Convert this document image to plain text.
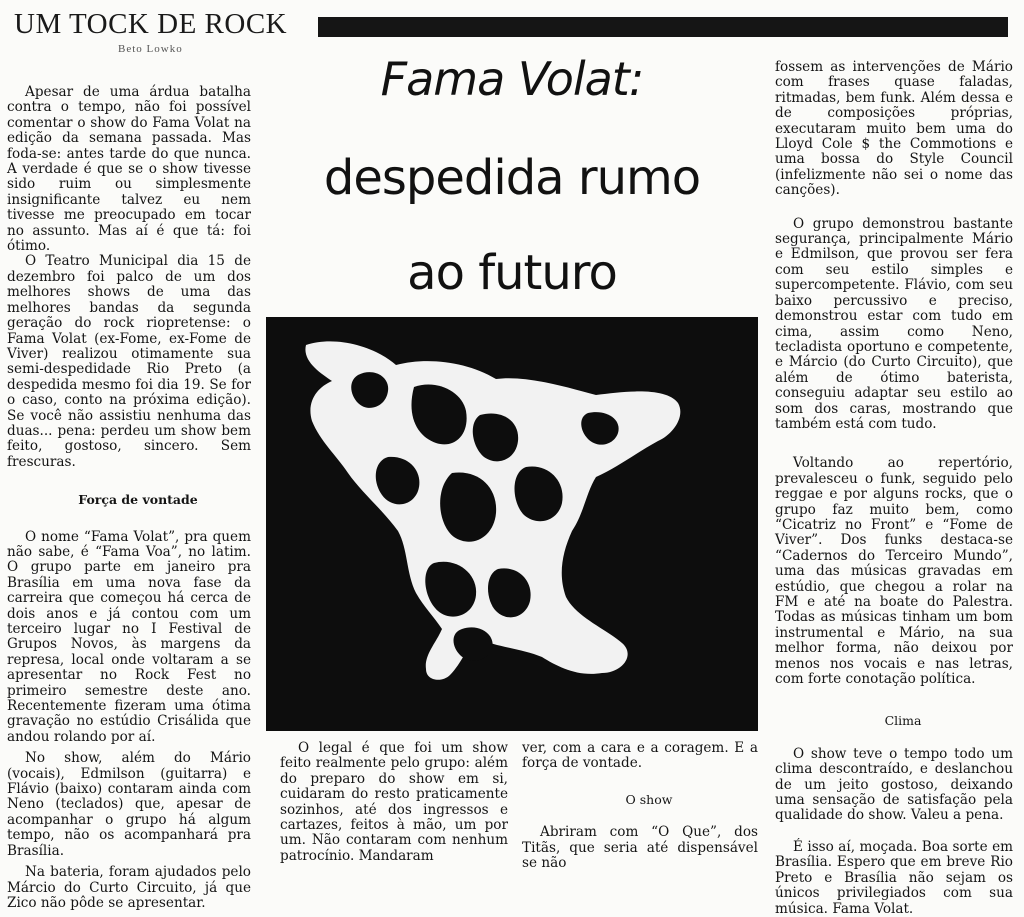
UM TOCK DE ROCK
Beto Lowko
Fama Volat:
despedida rumo
ao futuro

Apesar de uma árdua batalha contra o tempo, não foi possível comentar o show do Fama Volat na edição da semana passada. Mas foda-se: antes tarde do que nunca. A verdade é que se o show tivesse sido ruim ou simplesmente insignificante talvez eu nem tivesse me preocupado em tocar no assunto. Mas aí é que tá: foi ótimo.

O Teatro Municipal dia 15 de dezembro foi palco de um dos melhores shows de uma das melhores bandas da segunda geração do rock riopretense: o Fama Volat (ex-Fome, ex-Fome de Viver) realizou otimamente sua semi-despedidade Rio Preto (a despedida mesmo foi dia 19. Se for o caso, conto na próxima edição). Se você não assistiu nenhuma das duas... pena: perdeu um show bem feito, gostoso, sincero. Sem frescuras.

Força de vontade

O nome “Fama Volat”, pra quem não sabe, é “Fama Voa”, no latim. O grupo parte em janeiro pra Brasília em uma nova fase da carreira que começou há cerca de dois anos e já contou com um terceiro lugar no I Festival de Grupos Novos, às margens da represa, local onde voltaram a se apresentar no Rock Fest no primeiro semestre deste ano. Recentemente fizeram uma ótima gravação no estúdio Crisálida que andou rolando por aí.

No show, além do Mário (vocais), Edmilson (guitarra) e Flávio (baixo) contaram ainda com Neno (teclados) que, apesar de acompanhar o grupo há algum tempo, não os acompanhará pra Brasília.

Na bateria, foram ajudados pelo Márcio do Curto Circuito, já que Zico não pôde se apresentar.

O legal é que foi um show feito realmente pelo grupo: além do preparo do show em si, cuidaram do resto praticamente sozinhos, até dos ingressos e cartazes, feitos à mão, um por um. Não contaram com nenhum patrocínio. Mandaram

ver, com a cara e a coragem. E a força de vontade.

O show

Abriram com “O Que”, dos Titãs, que seria até dispensável se não

fossem as intervenções de Mário com frases quase faladas, ritmadas, bem funk. Além dessa e de composições próprias, executaram muito bem uma do Lloyd Cole $ the Commotions e uma bossa do Style Council (infelizmente não sei o nome das canções).

O grupo demonstrou bastante segurança, principalmente Mário e Edmilson, que provou ser fera com seu estilo simples e supercompetente. Flávio, com seu baixo percussivo e preciso, demonstrou estar com tudo em cima, assim como Neno, tecladista oportuno e competente, e Márcio (do Curto Circuito), que além de ótimo baterista, conseguiu adaptar seu estilo ao som dos caras, mostrando que também está com tudo.

Voltando ao repertório, prevalesceu o funk, seguido pelo reggae e por alguns rocks, que o grupo faz muito bem, como “Cicatriz no Front” e “Fome de Viver”. Dos funks destaca-se “Cadernos do Terceiro Mundo”, uma das músicas gravadas em estúdio, que chegou a rolar na FM e até na boate do Palestra. Todas as músicas tinham um bom instrumental e Mário, na sua melhor forma, não deixou por menos nos vocais e nas letras, com forte conotação política.

Clima

O show teve o tempo todo um clima descontraído, e deslanchou de um jeito gostoso, deixando uma sensação de satisfação pela qualidade do show. Valeu a pena.

É isso aí, moçada. Boa sorte em Brasília. Espero que em breve Rio Preto e Brasília não sejam os únicos privilegiados com sua música. Fama Volat.
